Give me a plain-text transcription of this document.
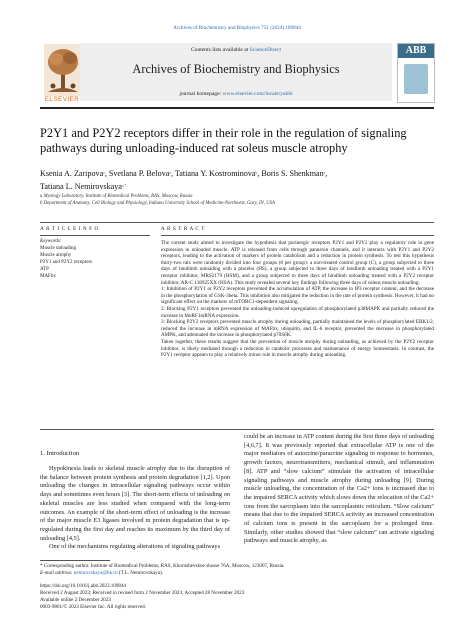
Archives of Biochemistry and Biophysics 751 (2024) 109844
ELSEVIER
Contents lists available at ScienceDirect
Archives of Biochemistry and Biophysics
journal homepage: www.elsevier.com/locate/yabbi
ABB
P2Y1 and P2Y2 receptors differ in their role in the regulation of signaling
pathways during unloading-induced rat soleus muscle atrophy
Ksenia A. Zaripova$^a$, Svetlana P. Belova$^a$, Tatiana Y. Kostrominova$^b$, Boris S. Shenkman$^a$,
Tatiana L. Nemirovskaya$^{a,*}$
a Myology Laboratory, Institute of Biomedical Problems, RAS, Moscow, Russia
b Department of Anatomy, Cell Biology and Physiology, Indiana University School of Medicine-Northwest, Gary, IN, USA
A R T I C L E I N F O	A B S T R A C T
Keywords:
Muscle unloading
Muscle atrophy
P2Y1 and P2Y2 receptors
ATP
MAFbx

The current study aimed to investigate the hypothesis that purinergic receptors P2Y1 and P2Y2 play a regulatory role in gene expression in unloaded muscle. ATP is released from cells through pannexin channels, and it interacts with P2Y1 and P2Y2 receptors, leading to the activation of markers of protein catabolism and a reduction in protein synthesis. To test this hypothesis thirty-two rats were randomly divided into four groups (8 per group): a non-treated control group (C), a group subjected to three days of hindlimb unloading with a placebo (HS), a group subjected to three days of hindlimb unloading treated with a P2Y1 receptor inhibitor, MRS2179 (HSM), and a group subjected to three days of hindlimb unloading treated with a P2Y2 receptor inhibitor, AR-C 118925XX (HSA). This study revealed several key findings following three days of soleus muscle unloading:

1: Inhibition of P2Y1 or P2Y2 receptors prevented the accumulation of ATP, the increase in IP3 receptor content, and the decrease in the phosphorylation of GSK-3beta. This inhibition also mitigated the reduction in the rate of protein synthesis. However, it had no significant effect on the markers of mTORC1-dependent signaling.

2: Blocking P2Y1 receptors prevented the unloading-induced upregulation of phosphorylated p38MAPK and partially reduced the increase in MuRF1mRNA expression.

3: Blocking P2Y2 receptors prevented muscle atrophy during unloading, partially maintained the levels of phosphorylated ERK1/2, reduced the increase in mRNA expression of MAFbx, ubiquitin, and IL-6 receptor, prevented the decrease in phosphorylated AMPK, and attenuated the increase in phosphorylated p70S6K.

Taken together, these results suggest that the prevention of muscle atrophy during unloading, as achieved by the P2Y2 receptor inhibitor, is likely mediated through a reduction in catabolic processes and maintenance of energy homeostasis. In contrast, the P2Y1 receptor appears to play a relatively minor role in muscle atrophy during unloading.

1. Introduction

Hypokinesia leads to skeletal muscle atrophy due to the disruption of the balance between protein synthesis and protein degradation [1,2]. Upon unloading the changes in intracellular signaling pathways occur within days and sometimes even hours [3]. The short-term effects of unloading on skeletal muscles are less studied when compared with the long-term outcomes. An example of the short-term effect of unloading is the increase of the major muscle E3 ligases involved in protein degradation that is up-regulated during the first day and reaches its maximum by the third day of unloading [4,5].

One of the mechanisms regulating alterations of signaling pathways

could be an increase in ATP content during the first three days of unloading [4,6,7]. It was previously reported that extracellular ATP is one of the major mediators of autocrine/paracrine signaling in response to hormones, growth factors, neurotransmitters, mechanical stimuli, and inflammation [8]. ATP and “slow calcium” stimulate the activation of intracellular signaling pathways and muscle atrophy during unloading [9]. During muscle unloading, the concentration of the Ca2+ ions is increased due to the impaired SERCA activity which slows down the relocation of the Ca2+ ions from the sarcoplasm into the sarcoplasmic reticulum. “Slow calcium” means that due to the impaired SERCA activity an increased concentration of calcium ions is present in the sarcoplasm for a prolonged time. Similarly, other studies showed that “slow calcium” can activate signaling pathways and muscle atrophy, as

* Corresponding author. Institute of Biomedical Problems, RAS, Khoroshevskoe shosse 76A, Moscow, 123007, Russia.
E-mail address: nemirovskaya@bk.ru (T.L. Nemirovskaya).
https://doi.org/10.1016/j.abb.2023.109844
Received 2 August 2023; Received in revised form 2 November 2023; Accepted 28 November 2023
Available online 2 December 2023
0003-9861/© 2023 Elsevier Inc. All rights reserved.
